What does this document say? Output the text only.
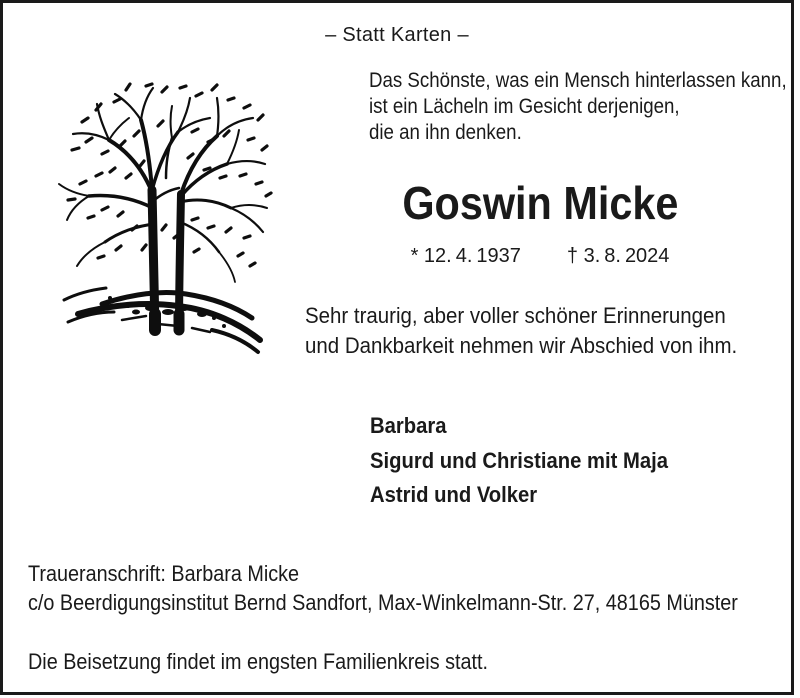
– Statt Karten –
Das Schönste, was ein Mensch hinterlassen kann,
ist ein Lächeln im Gesicht derjenigen,
die an ihn denken.
Goswin Micke
* 12. 4. 1937 † 3. 8. 2024
Sehr traurig, aber voller schöner Erinnerungen
und Dankbarkeit nehmen wir Abschied von ihm.
Barbara
Sigurd und Christiane mit Maja
Astrid und Volker
Traueranschrift: Barbara Micke
c/o Beerdigungsinstitut Bernd Sandfort, Max-Winkelmann-Str. 27, 48165 Münster
Die Beisetzung findet im engsten Familienkreis statt.
